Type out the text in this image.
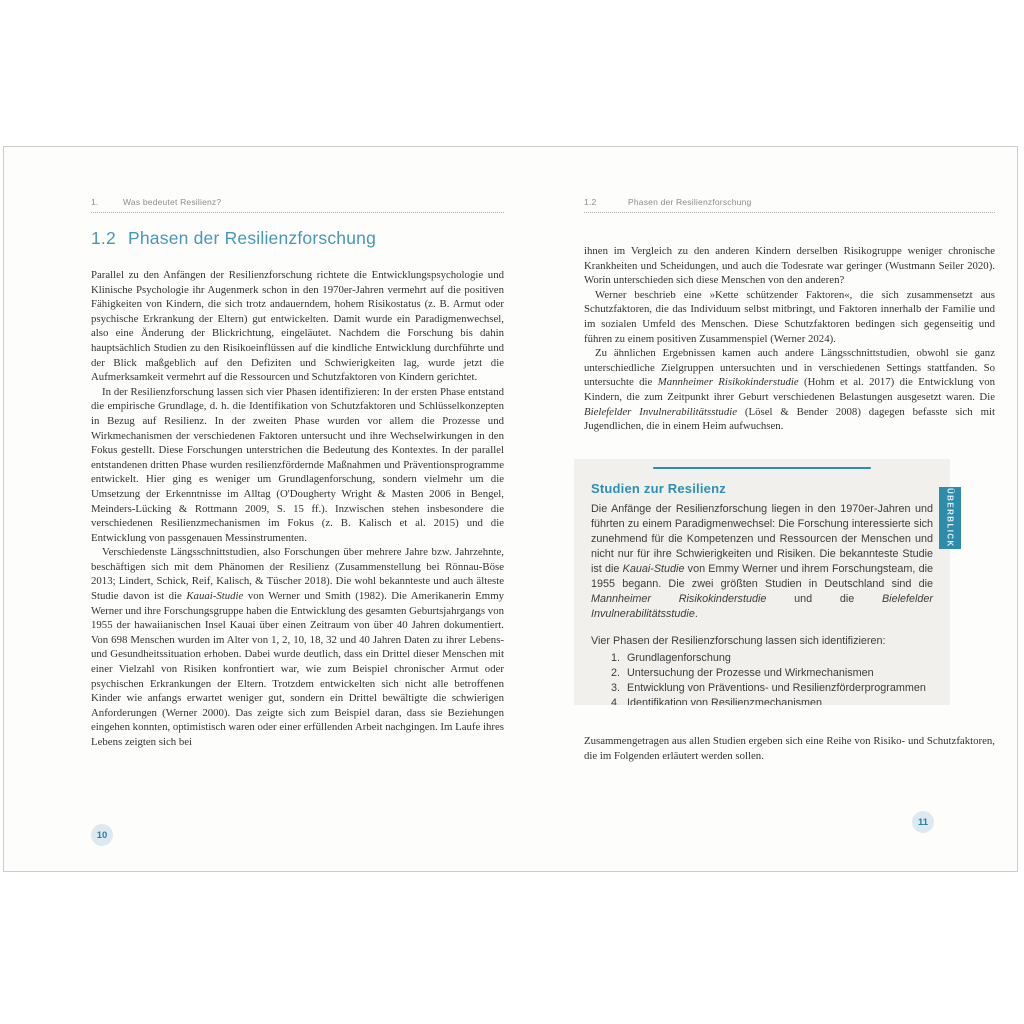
1.	Was bedeutet Resilienz?
1.2 Phasen der Resilienzforschung

Parallel zu den Anfängen der Resilienzforschung richtete die Entwicklungspsychologie und Klinische Psychologie ihr Augenmerk schon in den 1970er-Jahren vermehrt auf die positiven Fähigkeiten von Kindern, die sich trotz andauerndem, hohem Risikostatus (z. B. Armut oder psychische Erkrankung der Eltern) gut entwickelten. Damit wurde ein Paradigmenwechsel, also eine Änderung der Blickrichtung, eingeläutet. Nachdem die Forschung bis dahin hauptsächlich Studien zu den Risikoeinflüssen auf die kindliche Entwicklung durchführte und der Blick maßgeblich auf den Defiziten und Schwierigkeiten lag, wurde jetzt die Aufmerksamkeit vermehrt auf die Ressourcen und Schutzfaktoren von Kindern gerichtet.

In der Resilienzforschung lassen sich vier Phasen identifizieren: In der ersten Phase entstand die empirische Grundlage, d. h. die Identifikation von Schutzfaktoren und Schlüsselkonzepten in Bezug auf Resilienz. In der zweiten Phase wurden vor allem die Prozesse und Wirkmechanismen der verschiedenen Faktoren untersucht und ihre Wechselwirkungen in den Fokus gestellt. Diese Forschungen unterstrichen die Bedeutung des Kontextes. In der parallel entstandenen dritten Phase wurden resilienzfördernde Maßnahmen und Präventionsprogramme entwickelt. Hier ging es weniger um Grundlagenforschung, sondern vielmehr um die Umsetzung der Erkenntnisse im Alltag (O'Dougherty Wright & Masten 2006 in Bengel, Meinders-Lücking & Rottmann 2009, S. 15 ff.). Inzwischen stehen insbesondere die verschiedenen Resilienzmechanismen im Fokus (z. B. Kalisch et al. 2015) und die Entwicklung von passgenauen Messinstrumenten.

Verschiedenste Längsschnittstudien, also Forschungen über mehrere Jahre bzw. Jahrzehnte, beschäftigen sich mit dem Phänomen der Resilienz (Zusammenstellung bei Rönnau-Böse 2013; Lindert, Schick, Reif, Kalisch, & Tüscher 2018). Die wohl bekannteste und auch älteste Studie davon ist die Kauai-Studie von Werner und Smith (1982). Die Amerikanerin Emmy Werner und ihre Forschungsgruppe haben die Entwicklung des gesamten Geburtsjahrgangs von 1955 der hawaiianischen Insel Kauai über einen Zeitraum von über 40 Jahren dokumentiert. Von 698 Menschen wurden im Alter von 1, 2, 10, 18, 32 und 40 Jahren Daten zu ihrer Lebens- und Gesundheitssituation erhoben. Dabei wurde deutlich, dass ein Drittel dieser Menschen mit einer Vielzahl von Risiken konfrontiert war, wie zum Beispiel chronischer Armut oder psychischen Erkrankungen der Eltern. Trotzdem entwickelten sich nicht alle betroffenen Kinder wie anfangs erwartet weniger gut, sondern ein Drittel bewältigte die schwierigen Anforderungen (Werner 2000). Das zeigte sich zum Beispiel daran, dass sie Beziehungen eingehen konnten, optimistisch waren oder einer erfüllenden Arbeit nachgingen. Im Laufe ihres Lebens zeigten sich bei

1.2	Phasen der Resilienzforschung

ihnen im Vergleich zu den anderen Kindern derselben Risikogruppe weniger chronische Krankheiten und Scheidungen, und auch die Todesrate war geringer (Wustmann Seiler 2020). Worin unterschieden sich diese Menschen von den anderen?

Werner beschrieb eine »Kette schützender Faktoren«, die sich zusammensetzt aus Schutzfaktoren, die das Individuum selbst mitbringt, und Faktoren innerhalb der Familie und im sozialen Umfeld des Menschen. Diese Schutzfaktoren bedingen sich gegenseitig und führen zu einem positiven Zusammenspiel (Werner 2024).

Zu ähnlichen Ergebnissen kamen auch andere Längsschnittstudien, obwohl sie ganz unterschiedliche Zielgruppen untersuchten und in verschiedenen Settings stattfanden. So untersuchte die Mannheimer Risikokinderstudie (Hohm et al. 2017) die Entwicklung von Kindern, die zum Zeitpunkt ihrer Geburt verschiedenen Belastungen ausgesetzt waren. Die Bielefelder Invulnerabilitätsstudie (Lösel & Bender 2008) dagegen befasste sich mit Jugendlichen, die in einem Heim aufwuchsen.

Studien zur Resilienz

Die Anfänge der Resilienzforschung liegen in den 1970er-Jahren und führten zu einem Paradigmenwechsel: Die Forschung interessierte sich zunehmend für die Kompetenzen und Ressourcen der Menschen und nicht nur für ihre Schwierigkeiten und Risiken. Die bekannteste Studie ist die Kauai-Studie von Emmy Werner und ihrem Forschungsteam, die 1955 begann. Die zwei größten Studien in Deutschland sind die Mannheimer Risikokinderstudie und die Bielefelder Invulnerabilitätsstudie.

Vier Phasen der Resilienzforschung lassen sich identifizieren:

1. Grundlagenforschung
2. Untersuchung der Prozesse und Wirkmechanismen
3. Entwicklung von Präventions- und Resilienzförderprogrammen
4. Identifikation von Resilienzmechanismen
ÜBERBLICK

Zusammengetragen aus allen Studien ergeben sich eine Reihe von Risiko- und Schutzfaktoren, die im Folgenden erläutert werden sollen.

10
11
